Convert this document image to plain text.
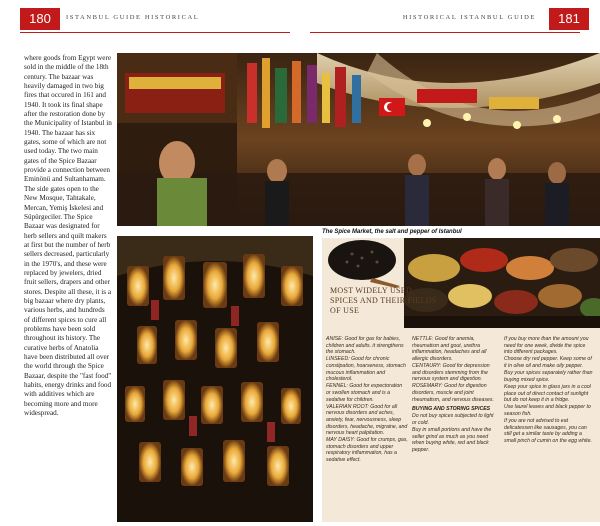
180	ISTANBUL GUIDE HISTORICAL	HISTORICAL ISTANBUL GUIDE	181
where goods from Egypt were sold in the middle of the 18th century. The bazaar was heavily damaged in two big fires that occured in 161 and 1940. It took its final shape after the restoration done by the Municipality of Istanbul in 1940. The bazaar has six gates, some of which are not used today. The two main gates of the Spice Bazaar provide a connection between Eminönü and Sultanhamam. The side gates open to the New Mosque, Tahtakale, Mercan, Yemiş İskelesi and Süpürgeciler. The Spice Bazaar was designated for herb sellers and quilt makers at first but the number of herb sellers decreased, particularly in the 1970's, and these were replaced by jewelers, dried fruit sellers, drapers and other stores. Despite all these, it is a big bazaar where dry plants, various herbs, and hundreds of different spices to cure all problems have been sold throughout its history. The curative herbs of Anatolia have been distributed all over the world through the Spice Bazaar, despite the "fast food" habits, energy drinks and food with additives which are becoming more and more widespread.
The Spice Market, the salt and pepper of Istanbul
MOST WIDELY USED SPICES AND THEIR FIELDS OF USE

ANISE: Good for gas for babies, children and adults. it strengthens the stomach.

LINSEED: Good for chronic constipation, hoarseness, stomach mucous inflammation and cholesterol.

FENNEL: Good for expectoration or swollen stomach and is a sedative for children.

VALERIAN ROOT: Good for all nervous disorders and aches, anxiety, fear, nervousness, sleep disorders, headache, migraine, and nervous heart palpitation.

MAY DAISY: Good for crumps, gas, stomach disorders and upper respiratory inflammation, has a sedative effect.

NETTLE: Good for anemia, rheumatism and gout, urethra inflammation, headaches and all allergic disorders.

CENTAURY: Good for depression and disorders stemming from the nervous system and digestion.

ROSEMARY: Good for digestion disorders, muscle and joint rheumatism, and nervous diseases.

BUYING AND STORING SPICES

Do not buy spices subjected to light or cold.

Buy in small portions and have the seller grind as much as you need when buying white, red and black pepper.

If you buy more than the amount you need for one week, divide the spice into different packages.

Choose dry red pepper. Keep some of it in olive oil and make oily pepper.

Buy your spices separately rather than buying mixed spice.

Keep your spice in glass jars in a cool place out of direct contact of sunlight but do not keep it in a fridge.

Use laurel leaves and black pepper to season fish.

If you are not advised to eat delicatessen like sausages, you can still get a similar taste by adding a small pinch of cumin on the egg white.
